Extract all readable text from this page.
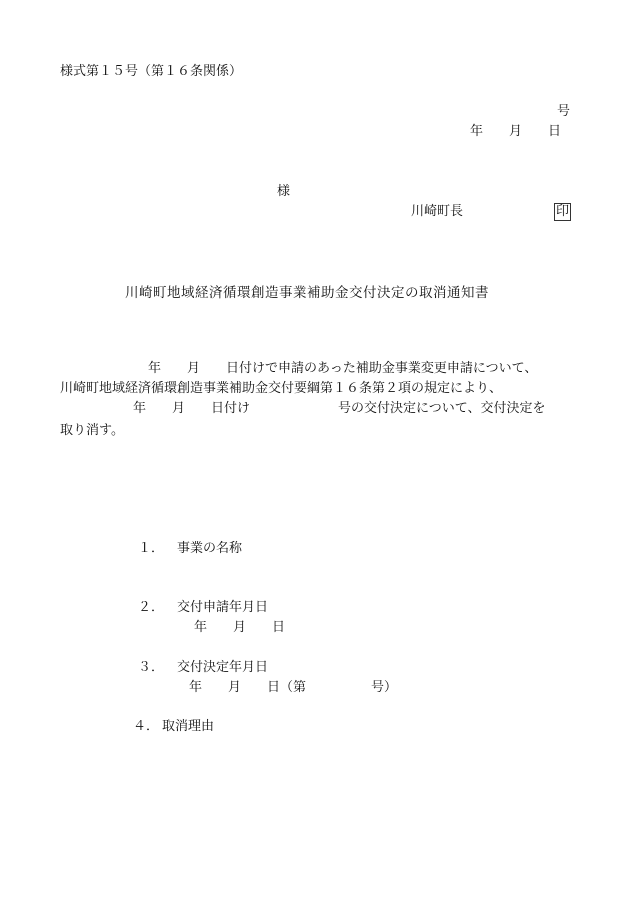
様式第１５号（第１６条関係）
号
年　　月　　日
様
川崎町長	印
川崎町地域経済循環創造事業補助金交付決定の取消通知書
年　　月　　日付けで申請のあった補助金事業変更申請について、
川崎町地域経済循環創造事業補助金交付要綱第１６条第２項の規定により、
年　　月　　日付け	号の交付決定について、交付決定を
取り消す。
１． 事業の名称
２． 交付申請年月日
年　　月　　日
３． 交付決定年月日
年　　月　　日（第　　　　　号）
４． 取消理由
